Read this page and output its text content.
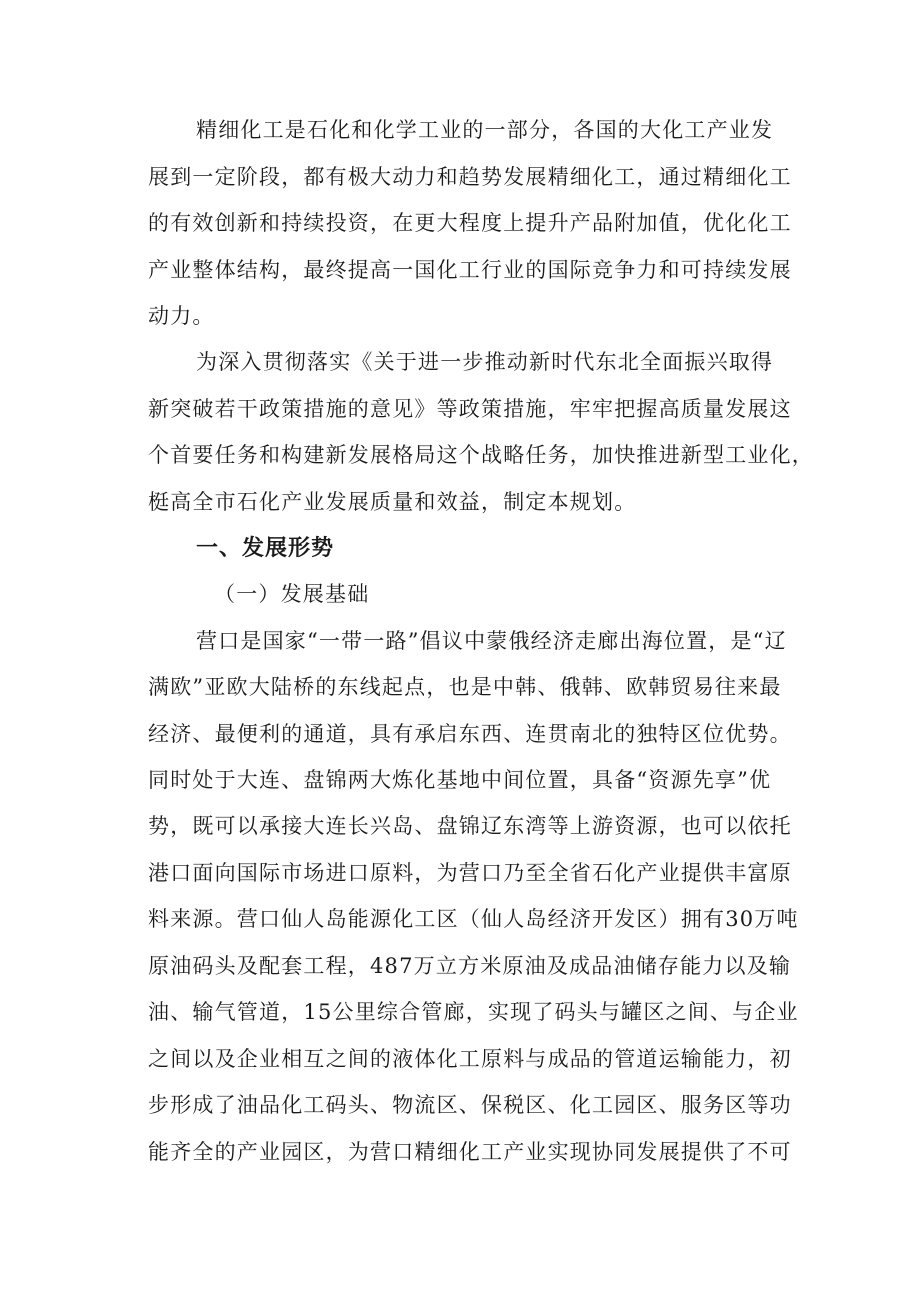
精细化工是石化和化学工业的一部分，各国的大化工产业发
展到一定阶段，都有极大动力和趋势发展精细化工，通过精细化工
的有效创新和持续投资，在更大程度上提升产品附加值，优化化工
产业整体结构，最终提高一国化工行业的国际竞争力和可持续发展
动力。
为深入贯彻落实《关于进一步推动新时代东北全面振兴取得
新突破若干政策措施的意见》等政策措施，牢牢把握高质量发展这
个首要任务和构建新发展格局这个战略任务，加快推进新型工业化，
梃高全市石化产业发展质量和效益，制定本规划。
一、发展形势
（一）发展基础
营口是国家“一带一路”倡议中蒙俄经济走廊出海位置，是“辽
满欧”亚欧大陆桥的东线起点，也是中韩、俄韩、欧韩贸易往来最
经济、最便利的通道，具有承启东西、连贯南北的独特区位优势。
同时处于大连、盘锦两大炼化基地中间位置，具备“资源先享”优
势，既可以承接大连长兴岛、盘锦辽东湾等上游资源，也可以依托
港口面向国际市场进口原料，为营口乃至全省石化产业提供丰富原
料来源。营口仙人岛能源化工区（仙人岛经济开发区）拥有30万吨
原油码头及配套工程，487万立方米原油及成品油储存能力以及输
油、输气管道，15公里综合管廊，实现了码头与罐区之间、与企业
之间以及企业相互之间的液体化工原料与成品的管道运输能力，初
步形成了油品化工码头、物流区、保税区、化工园区、服务区等功
能齐全的产业园区，为营口精细化工产业实现协同发展提供了不可
